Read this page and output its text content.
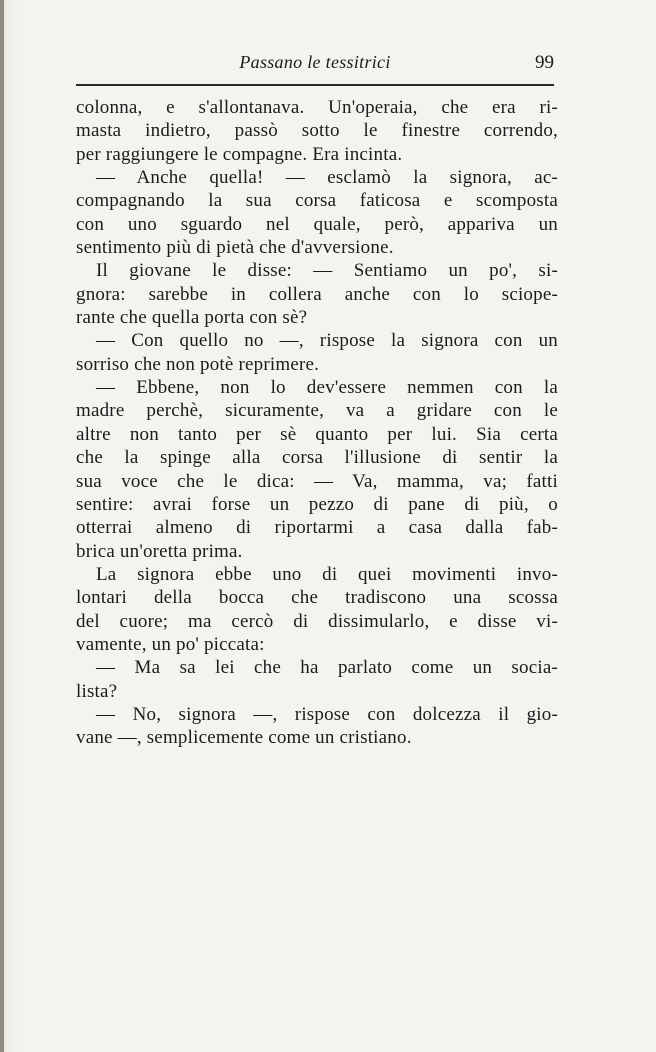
Passano le tessitrici	99
colonna, e s'allontanava. Un'operaia, che era ri-
masta indietro, passò sotto le finestre correndo,
per raggiungere le compagne. Era incinta.
— Anche quella! — esclamò la signora, ac-
compagnando la sua corsa faticosa e scomposta
con uno sguardo nel quale, però, appariva un
sentimento più di pietà che d'avversione.
Il giovane le disse: — Sentiamo un po', si-
gnora: sarebbe in collera anche con lo sciope-
rante che quella porta con sè?
— Con quello no —, rispose la signora con un
sorriso che non potè reprimere.
— Ebbene, non lo dev'essere nemmen con la
madre perchè, sicuramente, va a gridare con le
altre non tanto per sè quanto per lui. Sia certa
che la spinge alla corsa l'illusione di sentir la
sua voce che le dica: — Va, mamma, va; fatti
sentire: avrai forse un pezzo di pane di più, o
otterrai almeno di riportarmi a casa dalla fab-
brica un'oretta prima.
La signora ebbe uno di quei movimenti invo-
lontari della bocca che tradiscono una scossa
del cuore; ma cercò di dissimularlo, e disse vi-
vamente, un po' piccata:
— Ma sa lei che ha parlato come un socia-
lista?
— No, signora —, rispose con dolcezza il gio-
vane —, semplicemente come un cristiano.
